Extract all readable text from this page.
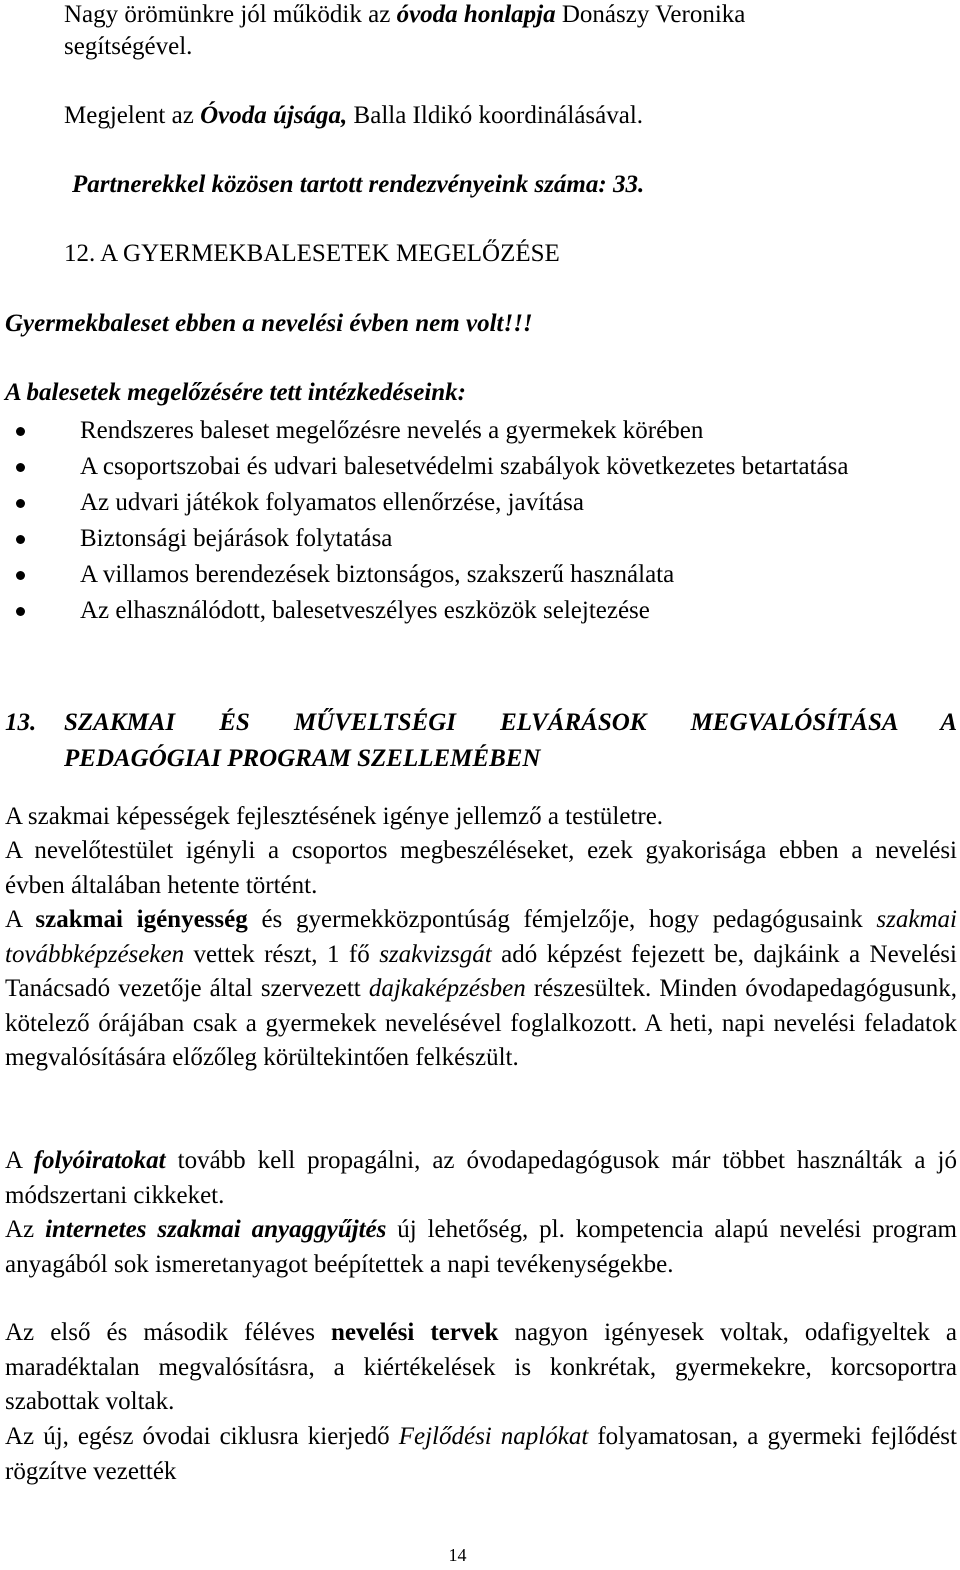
Nagy örömünkre jól működik az óvoda honlapja Donászy Veronika
segítségével.
Megjelent az Óvoda újsága, Balla Ildikó koordinálásával.
Partnerekkel közösen tartott rendezvényeink száma: 33.
12. A GYERMEKBALESETEK MEGELŐZÉSE
Gyermekbaleset ebben a nevelési évben nem volt!!!
A balesetek megelőzésére tett intézkedéseink:
Rendszeres baleset megelőzésre nevelés a gyermekek körében
A csoportszobai és udvari balesetvédelmi szabályok következetes betartatása
Az udvari játékok folyamatos ellenőrzése, javítása
Biztonsági bejárások folytatása
A villamos berendezések biztonságos, szakszerű használata
Az elhasználódott, balesetveszélyes eszközök selejtezése
13. SZAKMAI ÉS MŰVELTSÉGI ELVÁRÁSOK MEGVALÓSÍTÁSA A
PEDAGÓGIAI PROGRAM SZELLEMÉBEN
A szakmai képességek fejlesztésének igénye jellemző a testületre.
A nevelőtestület igényli a csoportos megbeszéléseket, ezek gyakorisága ebben a nevelési évben általában hetente történt.
A szakmai igényesség és gyermekközpontúság fémjelzője, hogy pedagógusaink szakmai továbbképzéseken vettek részt, 1 fő szakvizsgát adó képzést fejezett be, dajkáink a Nevelési Tanácsadó vezetője által szervezett dajkaképzésben részesültek. Minden óvodapedagógusunk, kötelező órájában csak a gyermekek nevelésével foglalkozott. A heti, napi nevelési feladatok megvalósítására előzőleg körültekintően felkészült.
A folyóiratokat tovább kell propagálni, az óvodapedagógusok már többet használták a jó módszertani cikkeket.
Az internetes szakmai anyaggyűjtés új lehetőség, pl. kompetencia alapú nevelési program anyagából sok ismeretanyagot beépítettek a napi tevékenységekbe.
Az első és második féléves nevelési tervek nagyon igényesek voltak, odafigyeltek a maradéktalan megvalósításra, a kiértékelések is konkrétak, gyermekekre, korcsoportra szabottak voltak.
Az új, egész óvodai ciklusra kierjedő Fejlődési naplókat folyamatosan, a gyermeki fejlődést rögzítve vezették
14
